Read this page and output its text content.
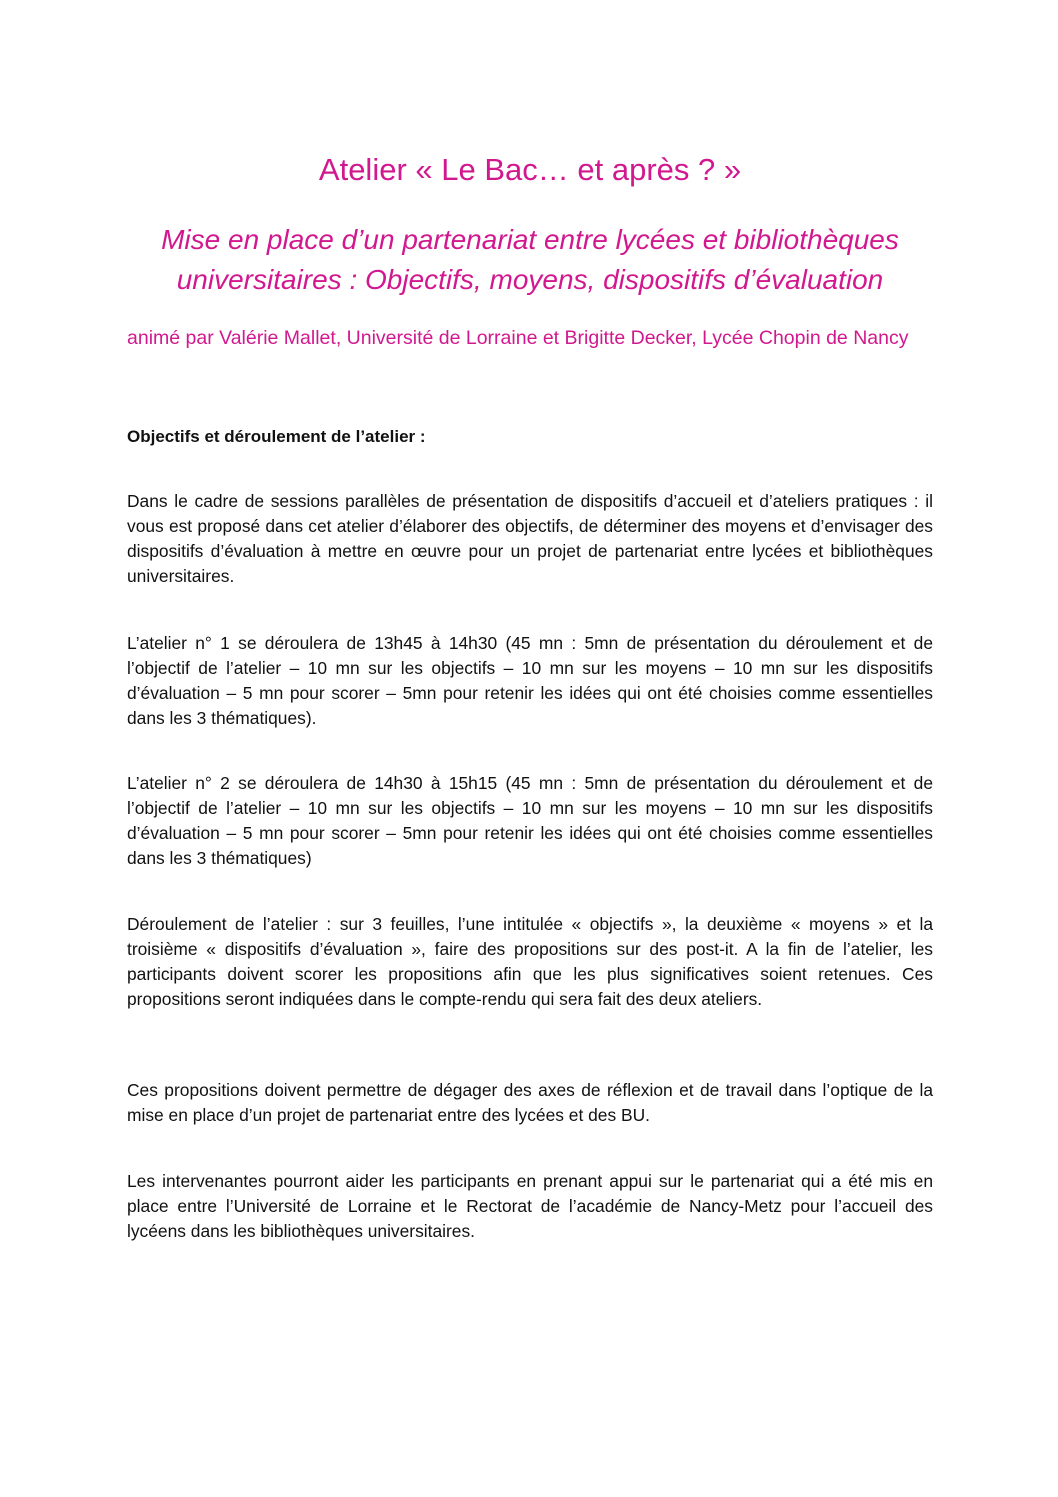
Atelier « Le Bac… et après ? »
Mise en place d’un partenariat entre lycées et bibliothèques
universitaires : Objectifs, moyens, dispositifs d’évaluation

animé par Valérie Mallet, Université de Lorraine et Brigitte Decker, Lycée Chopin de Nancy

Objectifs et déroulement de l’atelier :

Dans le cadre de sessions parallèles de présentation de dispositifs d’accueil et d’ateliers pratiques : il vous est proposé dans cet atelier d’élaborer des objectifs, de déterminer des moyens et d’envisager des dispositifs d’évaluation à mettre en œuvre pour un projet de partenariat entre lycées et bibliothèques universitaires.

L’atelier n° 1 se déroulera de 13h45 à 14h30 (45 mn : 5mn de présentation du déroulement et de l’objectif de l’atelier – 10 mn sur les objectifs – 10 mn sur les moyens – 10 mn sur les dispositifs d’évaluation – 5 mn pour scorer – 5mn pour retenir les idées qui ont été choisies comme essentielles dans les 3 thématiques).

L’atelier n° 2 se déroulera de 14h30 à 15h15 (45 mn : 5mn de présentation du déroulement et de l’objectif de l’atelier – 10 mn sur les objectifs – 10 mn sur les moyens – 10 mn sur les dispositifs d’évaluation – 5 mn pour scorer – 5mn pour retenir les idées qui ont été choisies comme essentielles dans les 3 thématiques)

Déroulement de l’atelier : sur 3 feuilles, l’une intitulée « objectifs », la deuxième « moyens » et la troisième « dispositifs d’évaluation », faire des propositions sur des post-it. A la fin de l’atelier, les participants doivent scorer les propositions afin que les plus significatives soient retenues. Ces propositions seront indiquées dans le compte-rendu qui sera fait des deux ateliers.

Ces propositions doivent permettre de dégager des axes de réflexion et de travail dans l’optique de la mise en place d’un projet de partenariat entre des lycées et des BU.

Les intervenantes pourront aider les participants en prenant appui sur le partenariat qui a été mis en place entre l’Université de Lorraine et le Rectorat de l’académie de Nancy-Metz pour l’accueil des lycéens dans les bibliothèques universitaires.
